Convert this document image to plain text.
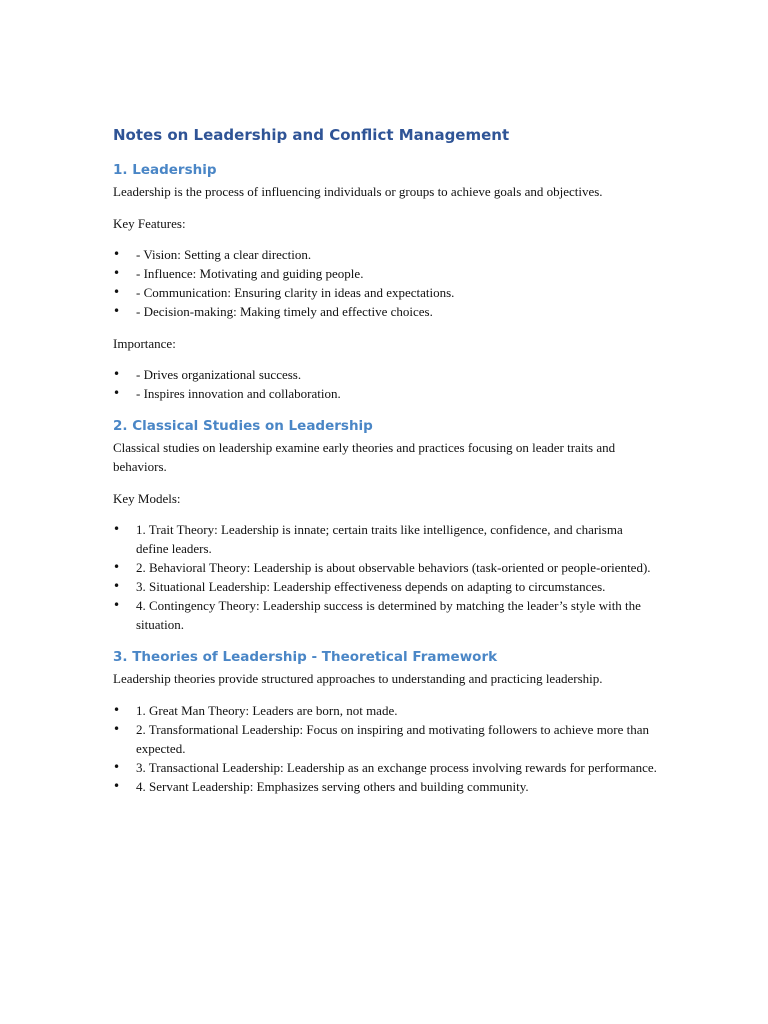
Notes on Leadership and Conflict Management
1. Leadership

Leadership is the process of influencing individuals or groups to achieve goals and objectives.

Key Features:

• - Vision: Setting a clear direction.
• - Influence: Motivating and guiding people.
• - Communication: Ensuring clarity in ideas and expectations.
• - Decision-making: Making timely and effective choices.

Importance:

• - Drives organizational success.
• - Inspires innovation and collaboration.
2. Classical Studies on Leadership

Classical studies on leadership examine early theories and practices focusing on leader traits and behaviors.

Key Models:

• 1. Trait Theory: Leadership is innate; certain traits like intelligence, confidence, and charisma define leaders.
• 2. Behavioral Theory: Leadership is about observable behaviors (task-oriented or people-oriented).
• 3. Situational Leadership: Leadership effectiveness depends on adapting to circumstances.
• 4. Contingency Theory: Leadership success is determined by matching the leader’s style with the situation.
3. Theories of Leadership - Theoretical Framework

Leadership theories provide structured approaches to understanding and practicing leadership.

• 1. Great Man Theory: Leaders are born, not made.
• 2. Transformational Leadership: Focus on inspiring and motivating followers to achieve more than expected.
• 3. Transactional Leadership: Leadership as an exchange process involving rewards for performance.
• 4. Servant Leadership: Emphasizes serving others and building community.
